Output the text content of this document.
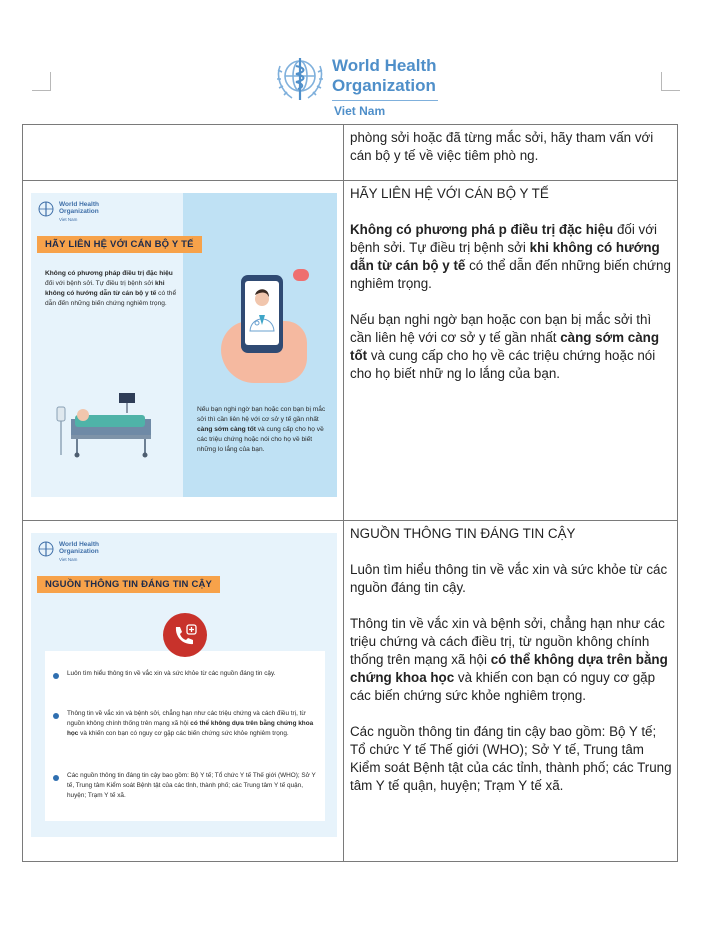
World Health
Organization
Viet Nam
phòng sởi hoặc đã từng mắc sởi, hãy tham vấn với
cán bộ y tế về việc tiêm phò ng.
World Health
Organization
Viet Nam
HÃY LIÊN HỆ VỚI CÁN BỘ Y TẾ
Không có phương pháp điều trị đặc hiệu đối với bệnh sởi. Tự điều trị bệnh sởi khi không có hướng dẫn từ cán bộ y tế có thể dẫn đến những biến chứng nghiêm trọng.
Nếu bạn nghi ngờ bạn hoặc con bạn bị mắc sởi thì cần liên hệ với cơ sở y tế gần nhất càng sớm càng tốt và cung cấp cho họ về các triệu chứng hoặc nói cho họ về biết những lo lắng của bạn.
HÃY LIÊN HỆ VỚI CÁN BỘ Y TẾ

Không có phương phá p điều trị đặc hiệu đối với bệnh sởi. Tự điều trị bệnh sởi khi không có hướng dẫn từ cán bộ y tế có thể dẫn đến những biến chứng nghiêm trọng.

Nếu bạn nghi ngờ bạn hoặc con bạn bị mắc sởi thì cần liên hệ với cơ sở y tế gần nhất càng sớm càng tốt và cung cấp cho họ về các triệu chứng hoặc nói cho họ biết nhữ ng lo lắng của bạn.

World Health
Organization
Viet Nam
NGUỒN THÔNG TIN ĐÁNG TIN CẬY
Luôn tìm hiểu thông tin về vắc xin và sức khỏe từ các nguồn đáng tin cậy.
Thông tin về vắc xin và bệnh sởi, chẳng hạn như các triệu chứng và cách điều trị, từ nguồn không chính thống trên mạng xã hội có thể không dựa trên bằng chứng khoa học và khiến con bạn có nguy cơ gặp các biến chứng sức khỏe nghiêm trọng.
Các nguồn thông tin đáng tin cậy bao gồm: Bộ Y tế; Tổ chức Y tế Thế giới (WHO); Sở Y tế, Trung tâm Kiểm soát Bệnh tật của các tỉnh, thành phố; các Trung tâm Y tế quận, huyện; Trạm Y tế xã.
NGUỒN THÔNG TIN ĐÁNG TIN CẬY

Luôn tìm hiểu thông tin về vắc xin và sức khỏe từ các nguồn đáng tin cậy.

Thông tin về vắc xin và bệnh sởi, chẳng hạn như các triệu chứng và cách điều trị, từ nguồn không chính thống trên mạng xã hội có thể không dựa trên bằng chứng khoa học và khiến con bạn có nguy cơ gặp các biến chứng sức khỏe nghiêm trọng.

Các nguồn thông tin đáng tin cậy bao gồm: Bộ Y tế; Tổ chức Y tế Thế giới (WHO); Sở Y tế, Trung tâm Kiểm soát Bệnh tật của các tỉnh, thành phố; các Trung tâm Y tế quận, huyện; Trạm Y tế xã.
